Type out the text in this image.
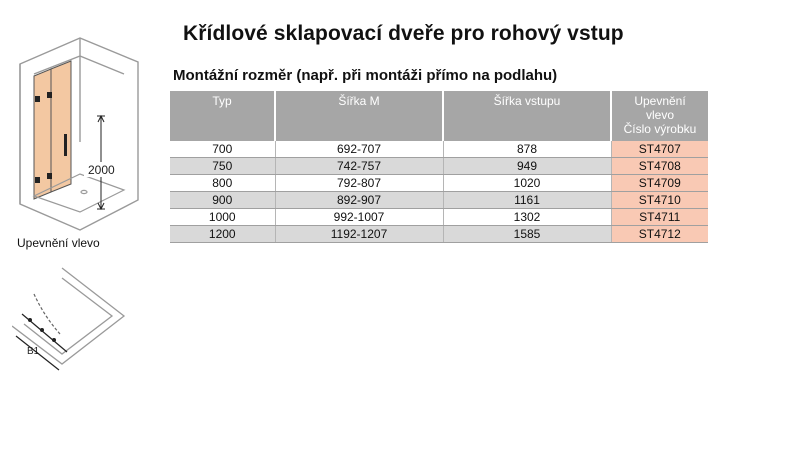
Křídlové sklapovací dveře pro rohový vstup
Montážní rozměr (např. při montáži přímo na podlahu)
2000
Upevnění vlevo
B1
Typ	Šířka M	Šířka vstupu	Upevnění
vlevo
Číslo výrobku
700	692-707	878	ST4707
750	742-757	949	ST4708
800	792-807	1020	ST4709
900	892-907	1161	ST4710
1000	992-1007	1302	ST4711
1200	1192-1207	1585	ST4712
